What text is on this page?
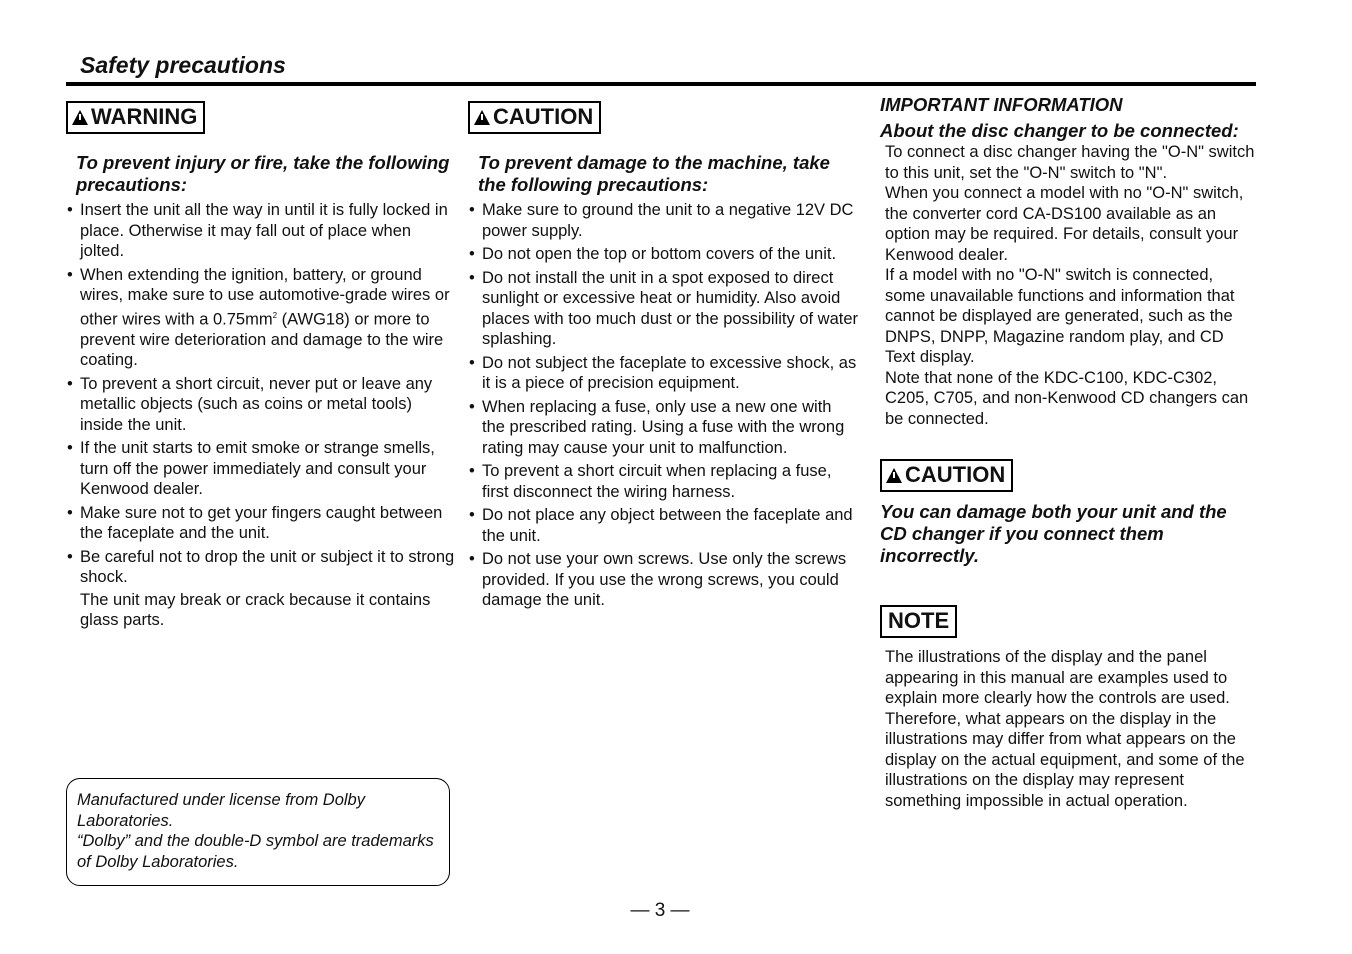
Safety precautions
WARNING

To prevent injury or fire, take the following precautions:

• Insert the unit all the way in until it is fully locked in place. Otherwise it may fall out of place when jolted.
• When extending the ignition, battery, or ground wires, make sure to use automotive-grade wires or other wires with a $0.75mm^2$ (AWG18) or more to prevent wire deterioration and damage to the wire coating.
• To prevent a short circuit, never put or leave any metallic objects (such as coins or metal tools) inside the unit.
• If the unit starts to emit smoke or strange smells, turn off the power immediately and consult your Kenwood dealer.
• Make sure not to get your fingers caught between the faceplate and the unit.
• Be careful not to drop the unit or subject it to strong shock.
The unit may break or crack because it contains glass parts.
Manufactured under license from Dolby Laboratories.
“Dolby” and the double-D symbol are trademarks of Dolby Laboratories.
CAUTION

To prevent damage to the machine, take the following precautions:

• Make sure to ground the unit to a negative 12V DC power supply.
• Do not open the top or bottom covers of the unit.
• Do not install the unit in a spot exposed to direct sunlight or excessive heat or humidity. Also avoid places with too much dust or the possibility of water splashing.
• Do not subject the faceplate to excessive shock, as it is a piece of precision equipment.
• When replacing a fuse, only use a new one with the prescribed rating. Using a fuse with the wrong rating may cause your unit to malfunction.
• To prevent a short circuit when replacing a fuse, first disconnect the wiring harness.
• Do not place any object between the faceplate and the unit.
• Do not use your own screws. Use only the screws provided. If you use the wrong screws, you could damage the unit.

IMPORTANT INFORMATION

About the disc changer to be connected:

To connect a disc changer having the "O-N" switch to this unit, set the "O-N" switch to "N".

When you connect a model with no "O-N" switch, the converter cord CA-DS100 available as an option may be required. For details, consult your Kenwood dealer.

If a model with no "O-N" switch is connected, some unavailable functions and information that cannot be displayed are generated, such as the DNPS, DNPP, Magazine random play, and CD Text display.

Note that none of the KDC-C100, KDC-C302, C205, C705, and non-Kenwood CD changers can be connected.

CAUTION

You can damage both your unit and the CD changer if you connect them incorrectly.

NOTE

The illustrations of the display and the panel appearing in this manual are examples used to explain more clearly how the controls are used. Therefore, what appears on the display in the illustrations may differ from what appears on the display on the actual equipment, and some of the illustrations on the display may represent something impossible in actual operation.

— 3 —
